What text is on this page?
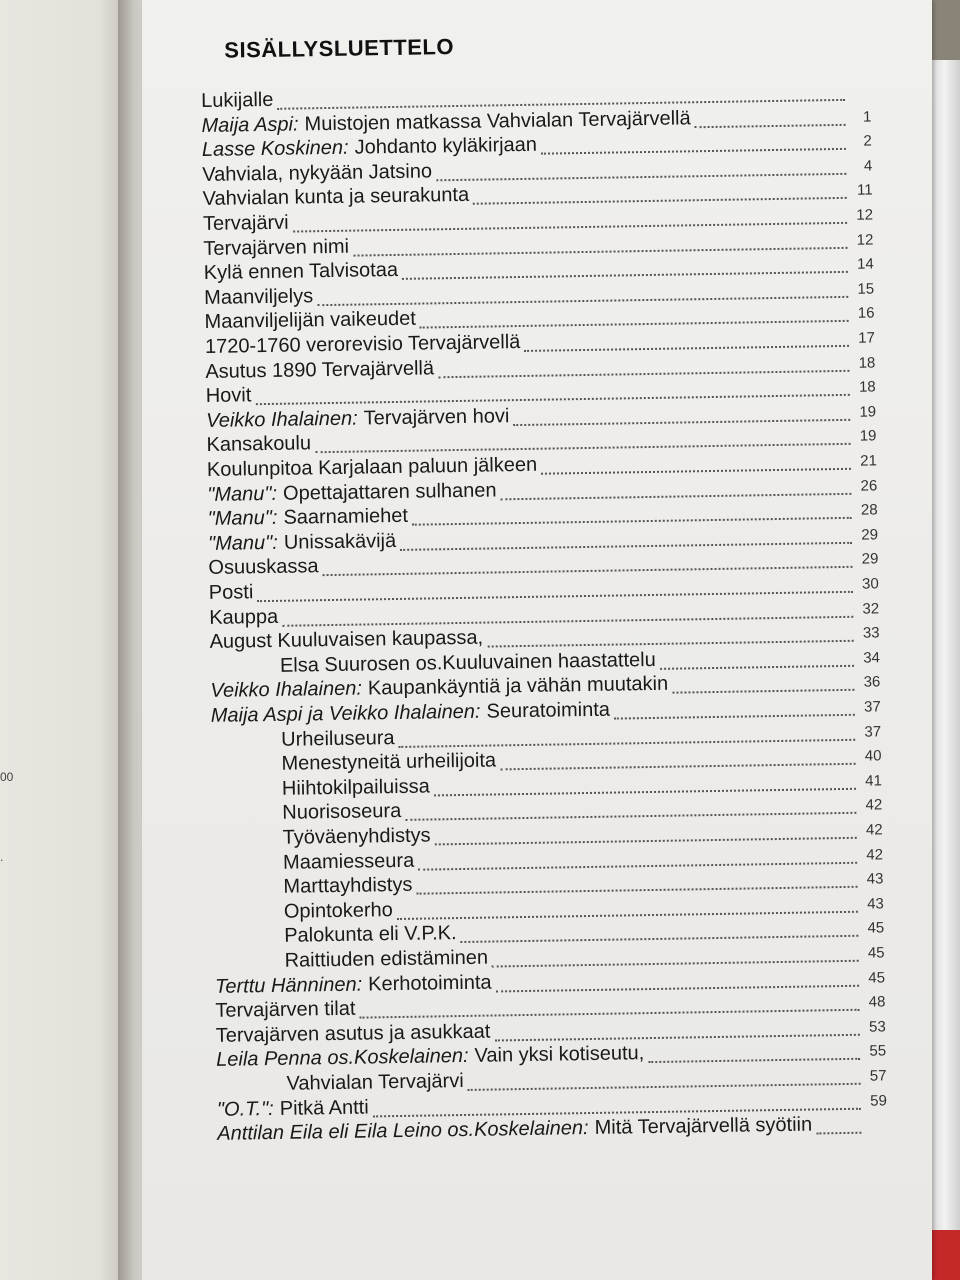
00
.
SISÄLLYSLUETTELO
Lukijalle
Maija Aspi: Muistojen matkassa Vahvialan Tervajärvellä	1
Lasse Koskinen: Johdanto kyläkirjaan	2
Vahviala, nykyään Jatsino	4
Vahvialan kunta ja seurakunta	11
Tervajärvi	12
Tervajärven nimi	12
Kylä ennen Talvisotaa	14
Maanviljelys	15
Maanviljelijän vaikeudet	16
1720-1760 verorevisio Tervajärvellä	17
Asutus 1890 Tervajärvellä	18
Hovit	18
Veikko Ihalainen: Tervajärven hovi	19
Kansakoulu	19
Koulunpitoa Karjalaan paluun jälkeen	21
"Manu": Opettajattaren sulhanen	26
"Manu": Saarnamiehet	28
"Manu": Unissakävijä	29
Osuuskassa	29
Posti	30
Kauppa	32
August Kuuluvaisen kaupassa,	33
Elsa Suurosen os.Kuuluvainen haastattelu	34
Veikko Ihalainen: Kaupankäyntiä ja vähän muutakin	36
Maija Aspi ja Veikko Ihalainen: Seuratoiminta	37
Urheiluseura	37
Menestyneitä urheilijoita	40
Hiihtokilpailuissa	41
Nuorisoseura	42
Työväenyhdistys	42
Maamiesseura	42
Marttayhdistys	43
Opintokerho	43
Palokunta eli V.P.K.	45
Raittiuden edistäminen	45
Terttu Hänninen: Kerhotoiminta	45
Tervajärven tilat	48
Tervajärven asutus ja asukkaat	53
Leila Penna os.Koskelainen: Vain yksi kotiseutu,	55
Vahvialan Tervajärvi	57
"O.T.": Pitkä Antti	59
Anttilan Eila eli Eila Leino os.Koskelainen: Mitä Tervajärvellä syötiin
